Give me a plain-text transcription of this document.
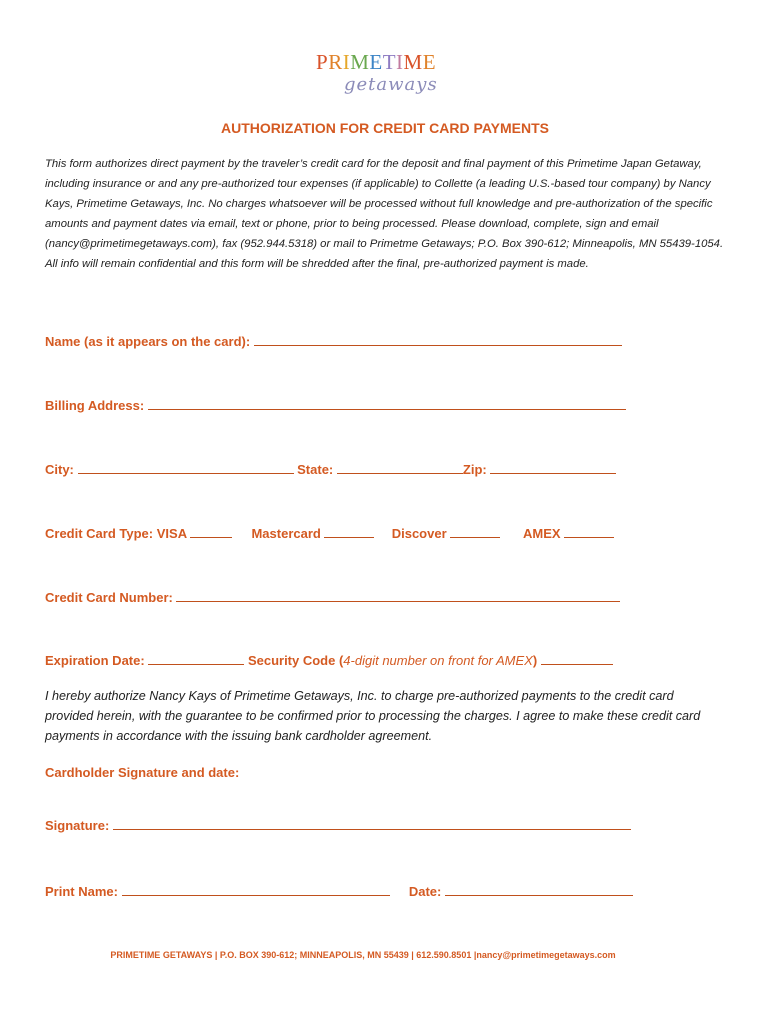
PRIMETIME
getaways
AUTHORIZATION FOR CREDIT CARD PAYMENTS

This form authorizes direct payment by the traveler’s credit card for the deposit and final payment of this Primetime Japan Getaway, including insurance or and any pre-authorized tour expenses (if applicable) to Collette (a leading U.S.-based tour company) by Nancy Kays, Primetime Getaways, Inc. No charges whatsoever will be processed without full knowledge and pre-authorization of the specific amounts and payment dates via email, text or phone, prior to being processed. Please download, complete, sign and email (nancy@primetimegetaways.com), fax (952.944.5318) or mail to Primetme Getaways; P.O. Box 390-612; Minneapolis, MN 55439-1054. All info will remain confidential and this form will be shredded after the final, pre-authorized payment is made.

Name (as it appears on the card):
Billing Address:
City:	State:	Zip:
Credit Card Type: VISA	Mastercard	Discover	AMEX
Credit Card Number:
Expiration Date:	Security Code (4-digit number on front for AMEX)

I hereby authorize Nancy Kays of Primetime Getaways, Inc. to charge pre-authorized payments to the credit card provided herein, with the guarantee to be confirmed prior to processing the charges. I agree to make these credit card payments in accordance with the issuing bank cardholder agreement.

Cardholder Signature and date:
Signature:
Print Name:	Date:
PRIMETIME GETAWAYS | P.O. BOX 390-612; MINNEAPOLIS, MN 55439 | 612.590.8501 |nancy@primetimegetaways.com
